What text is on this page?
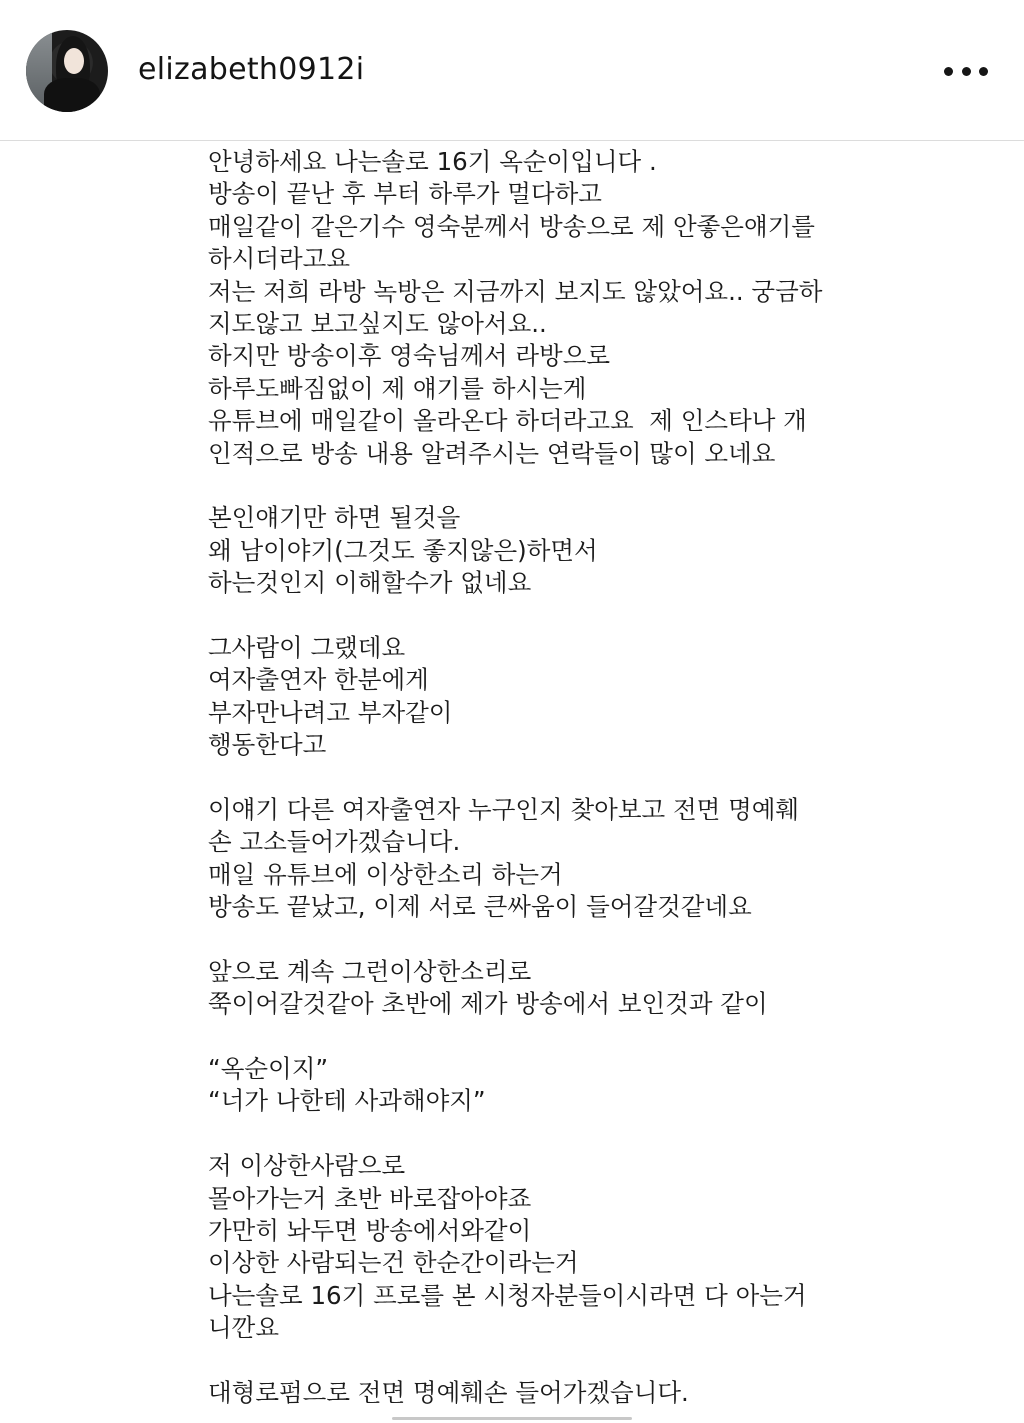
elizabeth0912i
안녕하세요 나는솔로 16기 옥순이입니다 .
방송이 끝난 후 부터 하루가 멀다하고
매일같이 같은기수 영숙분께서 방송으로 제 안좋은얘기를
하시더라고요
저는 저희 라방 녹방은 지금까지 보지도 않았어요.. 궁금하
지도않고 보고싶지도 않아서요..
하지만 방송이후 영숙님께서 라방으로
하루도빠짐없이 제 얘기를 하시는게
유튜브에 매일같이 올라온다 하더라고요  제 인스타나 개
인적으로 방송 내용 알려주시는 연락들이 많이 오네요
본인얘기만 하면 될것을
왜 남이야기(그것도 좋지않은)하면서
하는것인지 이해할수가 없네요
그사람이 그랬데요
여자출연자 한분에게
부자만나려고 부자같이
행동한다고
이얘기 다른 여자출연자 누구인지 찾아보고 전면 명예훼
손 고소들어가겠습니다.
매일 유튜브에 이상한소리 하는거
방송도 끝났고, 이제 서로 큰싸움이 들어갈것같네요
앞으로 계속 그런이상한소리로
쭉이어갈것같아 초반에 제가 방송에서 보인것과 같이
“옥순이지”
“너가 나한테 사과해야지”
저 이상한사람으로
몰아가는거 초반 바로잡아야죠
가만히 놔두면 방송에서와같이
이상한 사람되는건 한순간이라는거
나는솔로 16기 프로를 본 시청자분들이시라면 다 아는거
니깐요
대형로펌으로 전면 명예훼손 들어가겠습니다.
